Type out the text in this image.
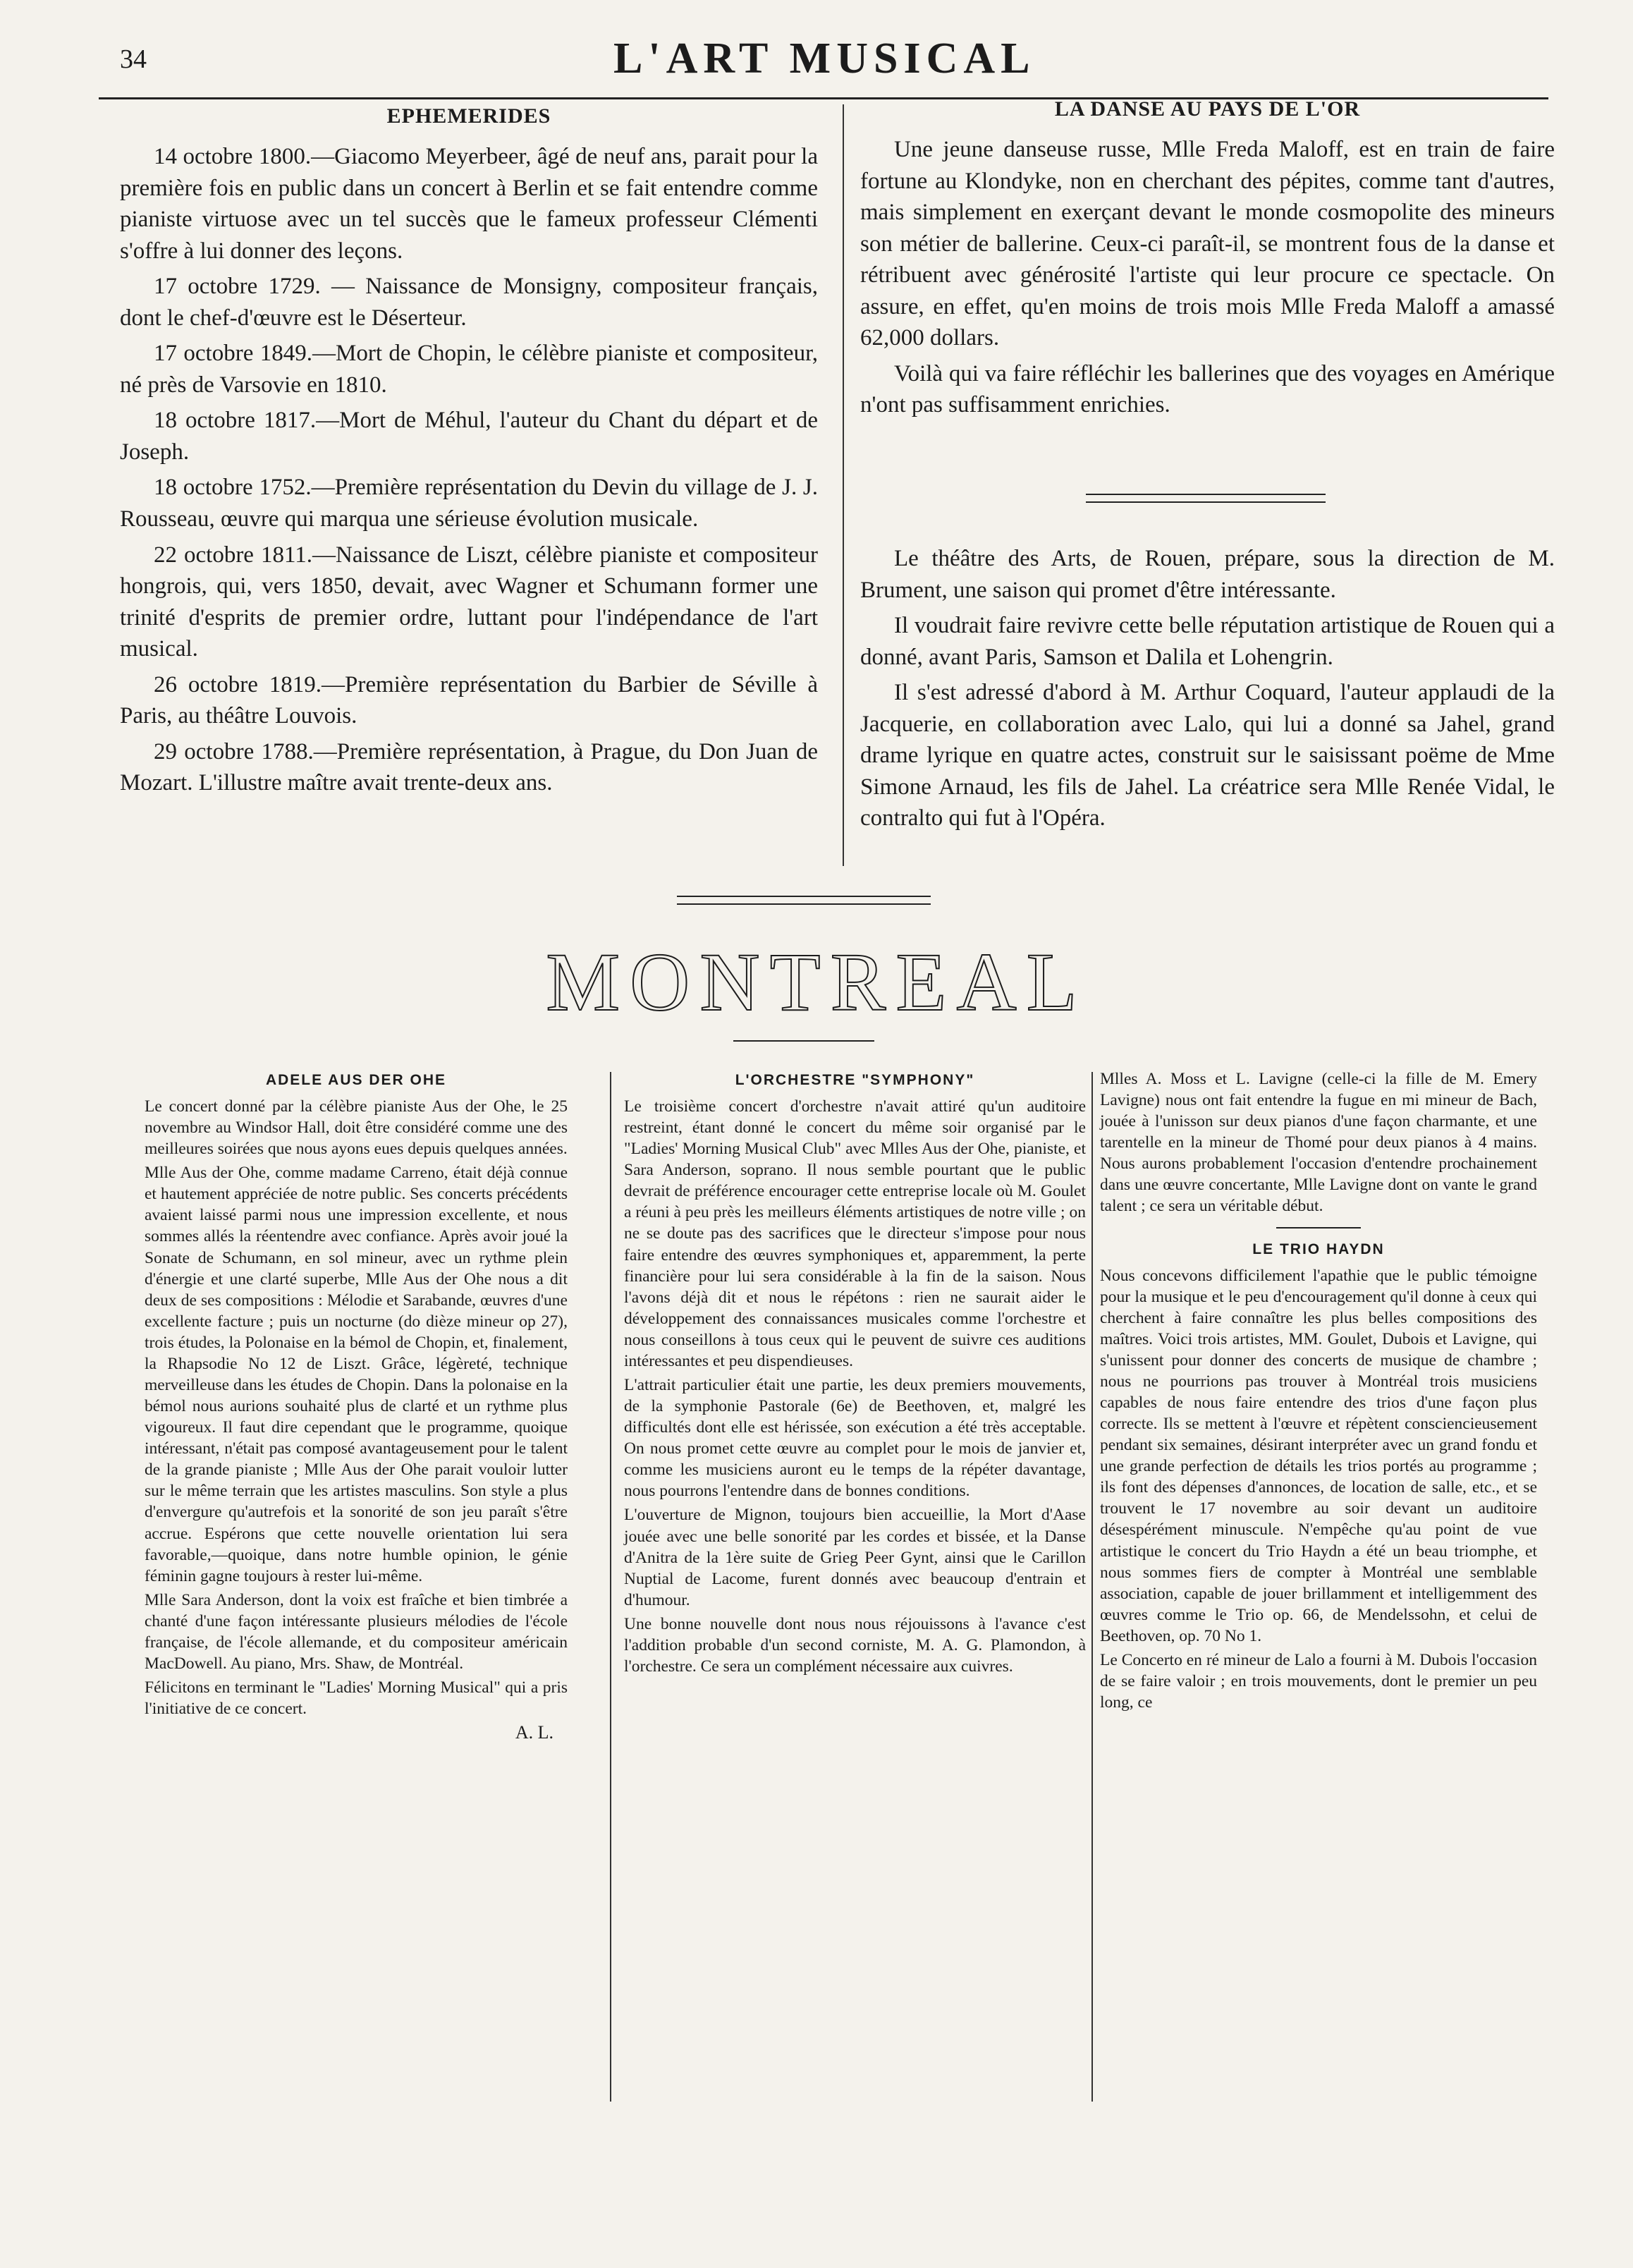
34	L'ART MUSICAL
EPHEMERIDES

14 octobre 1800.—Giacomo Meyerbeer, âgé de neuf ans, parait pour la première fois en public dans un concert à Berlin et se fait entendre comme pianiste virtuose avec un tel succès que le fameux professeur Clémenti s'offre à lui donner des leçons.

17 octobre 1729. — Naissance de Monsigny, compositeur français, dont le chef-d'œuvre est le Déserteur.

17 octobre 1849.—Mort de Chopin, le célèbre pianiste et compositeur, né près de Varsovie en 1810.

18 octobre 1817.—Mort de Méhul, l'auteur du Chant du départ et de Joseph.

18 octobre 1752.—Première représentation du Devin du village de J. J. Rousseau, œuvre qui marqua une sérieuse évolution musicale.

22 octobre 1811.—Naissance de Liszt, célèbre pianiste et compositeur hongrois, qui, vers 1850, devait, avec Wagner et Schumann former une trinité d'esprits de premier ordre, luttant pour l'indépendance de l'art musical.

26 octobre 1819.—Première représentation du Barbier de Séville à Paris, au théâtre Louvois.

29 octobre 1788.—Première représentation, à Prague, du Don Juan de Mozart. L'illustre maître avait trente-deux ans.

LA DANSE AU PAYS DE L'OR

Une jeune danseuse russe, Mlle Freda Maloff, est en train de faire fortune au Klondyke, non en cherchant des pépites, comme tant d'autres, mais simplement en exerçant devant le monde cosmopolite des mineurs son métier de ballerine. Ceux-ci paraît-il, se montrent fous de la danse et rétribuent avec générosité l'artiste qui leur procure ce spectacle. On assure, en effet, qu'en moins de trois mois Mlle Freda Maloff a amassé 62,000 dollars.

Voilà qui va faire réfléchir les ballerines que des voyages en Amérique n'ont pas suffisamment enrichies.

Le théâtre des Arts, de Rouen, prépare, sous la direction de M. Brument, une saison qui promet d'être intéressante.

Il voudrait faire revivre cette belle réputation artistique de Rouen qui a donné, avant Paris, Samson et Dalila et Lohengrin.

Il s'est adressé d'abord à M. Arthur Coquard, l'auteur applaudi de la Jacquerie, en collaboration avec Lalo, qui lui a donné sa Jahel, grand drame lyrique en quatre actes, construit sur le saisissant poëme de Mme Simone Arnaud, les fils de Jahel. La créatrice sera Mlle Renée Vidal, le contralto qui fut à l'Opéra.

MONTREAL
ADELE AUS DER OHE

Le concert donné par la célèbre pianiste Aus der Ohe, le 25 novembre au Windsor Hall, doit être considéré comme une des meilleures soirées que nous ayons eues depuis quelques années.

Mlle Aus der Ohe, comme madame Carreno, était déjà connue et hautement appréciée de notre public. Ses concerts précédents avaient laissé parmi nous une impression excellente, et nous sommes allés la réentendre avec confiance. Après avoir joué la Sonate de Schumann, en sol mineur, avec un rythme plein d'énergie et une clarté superbe, Mlle Aus der Ohe nous a dit deux de ses compositions : Mélodie et Sarabande, œuvres d'une excellente facture ; puis un nocturne (do dièze mineur op 27), trois études, la Polonaise en la bémol de Chopin, et, finalement, la Rhapsodie No 12 de Liszt. Grâce, légèreté, technique merveilleuse dans les études de Chopin. Dans la polonaise en la bémol nous aurions souhaité plus de clarté et un rythme plus vigoureux. Il faut dire cependant que le programme, quoique intéressant, n'était pas composé avantageusement pour le talent de la grande pianiste ; Mlle Aus der Ohe parait vouloir lutter sur le même terrain que les artistes masculins. Son style a plus d'envergure qu'autrefois et la sonorité de son jeu paraît s'être accrue. Espérons que cette nouvelle orientation lui sera favorable,—quoique, dans notre humble opinion, le génie féminin gagne toujours à rester lui-même.

Mlle Sara Anderson, dont la voix est fraîche et bien timbrée a chanté d'une façon intéressante plusieurs mélodies de l'école française, de l'école allemande, et du compositeur américain MacDowell. Au piano, Mrs. Shaw, de Montréal.

Félicitons en terminant le "Ladies' Morning Musical" qui a pris l'initiative de ce concert.

A. L.
L'ORCHESTRE "SYMPHONY"

Le troisième concert d'orchestre n'avait attiré qu'un auditoire restreint, étant donné le concert du même soir organisé par le "Ladies' Morning Musical Club" avec Mlles Aus der Ohe, pianiste, et Sara Anderson, soprano. Il nous semble pourtant que le public devrait de préférence encourager cette entreprise locale où M. Goulet a réuni à peu près les meilleurs éléments artistiques de notre ville ; on ne se doute pas des sacrifices que le directeur s'impose pour nous faire entendre des œuvres symphoniques et, apparemment, la perte financière pour lui sera considérable à la fin de la saison. Nous l'avons déjà dit et nous le répétons : rien ne saurait aider le développement des connaissances musicales comme l'orchestre et nous conseillons à tous ceux qui le peuvent de suivre ces auditions intéressantes et peu dispendieuses.

L'attrait particulier était une partie, les deux premiers mouvements, de la symphonie Pastorale (6e) de Beethoven, et, malgré les difficultés dont elle est hérissée, son exécution a été très acceptable. On nous promet cette œuvre au complet pour le mois de janvier et, comme les musiciens auront eu le temps de la répéter davantage, nous pourrons l'entendre dans de bonnes conditions.

L'ouverture de Mignon, toujours bien accueillie, la Mort d'Aase jouée avec une belle sonorité par les cordes et bissée, et la Danse d'Anitra de la 1ère suite de Grieg Peer Gynt, ainsi que le Carillon Nuptial de Lacome, furent donnés avec beaucoup d'entrain et d'humour.

Une bonne nouvelle dont nous nous réjouissons à l'avance c'est l'addition probable d'un second corniste, M. A. G. Plamondon, à l'orchestre. Ce sera un complément nécessaire aux cuivres.

Mlles A. Moss et L. Lavigne (celle-ci la fille de M. Emery Lavigne) nous ont fait entendre la fugue en mi mineur de Bach, jouée à l'unisson sur deux pianos d'une façon charmante, et une tarentelle en la mineur de Thomé pour deux pianos à 4 mains. Nous aurons probablement l'occasion d'entendre prochainement dans une œuvre concertante, Mlle Lavigne dont on vante le grand talent ; ce sera un véritable début.

LE TRIO HAYDN

Nous concevons difficilement l'apathie que le public témoigne pour la musique et le peu d'encouragement qu'il donne à ceux qui cherchent à faire connaître les plus belles compositions des maîtres. Voici trois artistes, MM. Goulet, Dubois et Lavigne, qui s'unissent pour donner des concerts de musique de chambre ; nous ne pourrions pas trouver à Montréal trois musiciens capables de nous faire entendre des trios d'une façon plus correcte. Ils se mettent à l'œuvre et répètent consciencieusement pendant six semaines, désirant interpréter avec un grand fondu et une grande perfection de détails les trios portés au programme ; ils font des dépenses d'annonces, de location de salle, etc., et se trouvent le 17 novembre au soir devant un auditoire désespérément minuscule. N'empêche qu'au point de vue artistique le concert du Trio Haydn a été un beau triomphe, et nous sommes fiers de compter à Montréal une semblable association, capable de jouer brillamment et intelligemment des œuvres comme le Trio op. 66, de Mendelssohn, et celui de Beethoven, op. 70 No 1.

Le Concerto en ré mineur de Lalo a fourni à M. Dubois l'occasion de se faire valoir ; en trois mouvements, dont le premier un peu long, ce
